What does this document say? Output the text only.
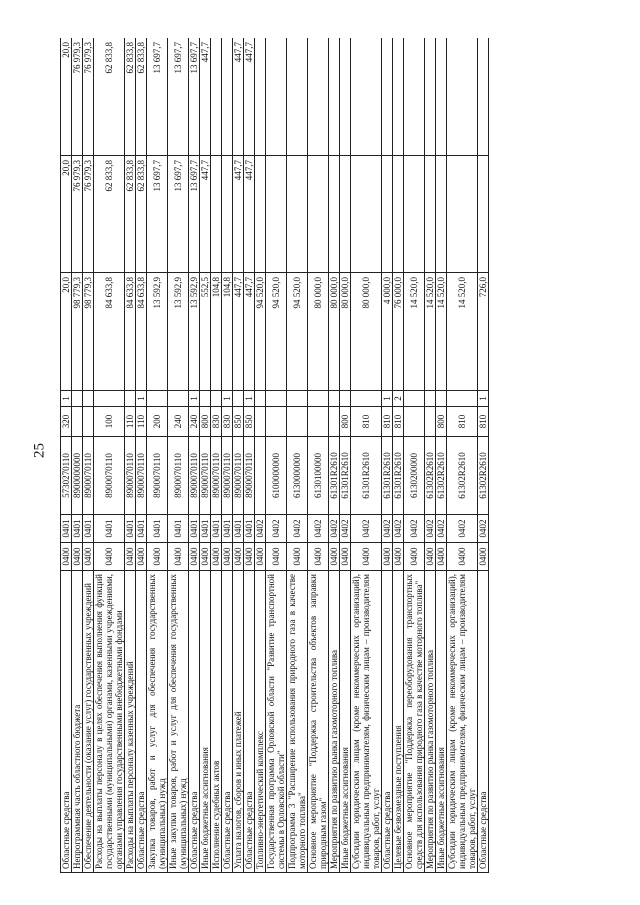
25
Областные средства	0400	0401	5730270110	320	1	20,0	20,0	20,0
Непрограммная часть областного бюджета	0400	0401	8900000000			98 779,3	76 979,3	76 979,3
Обеспечение деятельности (оказание услуг) государственных учреждений	0400	0401	8900070110			98 779,3	76 979,3	76 979,3
Расходы на выплаты персоналу в целях обеспечения выполнения функций государственными (муниципальными) органами, казенными учреждениями, органами управления государственными внебюджетными фондами	0400	0401	8900070110	100		84 633,8	62 833,8	62 833,8
Расходы на выплаты персоналу казенных учреждений	0400	0401	8900070110	110		84 633,8	62 833,8	62 833,8
Областные средства	0400	0401	8900070110	110	1	84 633,8	62 833,8	62 833,8
Закупка товаров, работ и услуг для обеспечения государственных (муниципальных) нужд	0400	0401	8900070110	200		13 592,9	13 697,7	13 697,7
Иные закупки товаров, работ и услуг для обеспечения государственных (муниципальных) нужд	0400	0401	8900070110	240		13 592,9	13 697,7	13 697,7
Областные средства	0400	0401	8900070110	240	1	13 592,9	13 697,7	13 697,7
Иные бюджетные ассигнования	0400	0401	8900070110	800		552,5	447,7	447,7
Исполнение судебных актов	0400	0401	8900070110	830		104,8		
Областные средства	0400	0401	8900070110	830	1	104,8		
Уплата налогов, сборов и иных платежей	0400	0401	8900070110	850		447,7	447,7	447,7
Областные средства	0400	0401	8900070110	850	1	447,7	447,7	447,7
Топливно-энергетический комплекс	0400	0402				94 520,0		
Государственная программа Орловской области "Развитие транспортной системы в Орловской области"	0400	0402	6100000000			94 520,0		
Подпрограмма 3 "Расширение использования природного газа в качестве моторного топлива"	0400	0402	6130000000			94 520,0		
Основное мероприятие "Поддержка строительства объектов заправки природным газом"	0400	0402	6130100000			80 000,0		
Мероприятия по развитию рынка газомоторного топлива	0400	0402	61301R2610			80 000,0		
Иные бюджетные ассигнования	0400	0402	61301R2610	800		80 000,0		
Субсидии юридическим лицам (кроме некоммерческих организаций), индивидуальным предпринимателям, физическим лицам – производителям товаров, работ, услуг	0400	0402	61301R2610	810		80 000,0		
Областные средства	0400	0402	61301R2610	810	1	4 000,0		
Целевые безвозмездные поступления	0400	0402	61301R2610	810	2	76 000,0		
Основное мероприятие "Поддержка переоборудования транспортных средств для использования природного газа в качестве моторного топлива"	0400	0402	6130200000			14 520,0		
Мероприятия по развитию рынка газомоторного топлива	0400	0402	61302R2610			14 520,0		
Иные бюджетные ассигнования	0400	0402	61302R2610	800		14 520,0		
Субсидии юридическим лицам (кроме некоммерческих организаций), индивидуальным предпринимателям, физическим лицам – производителям товаров, работ, услуг	0400	0402	61302R2610	810		14 520,0		
Областные средства	0400	0402	61302R2610	810	1	726,0		
